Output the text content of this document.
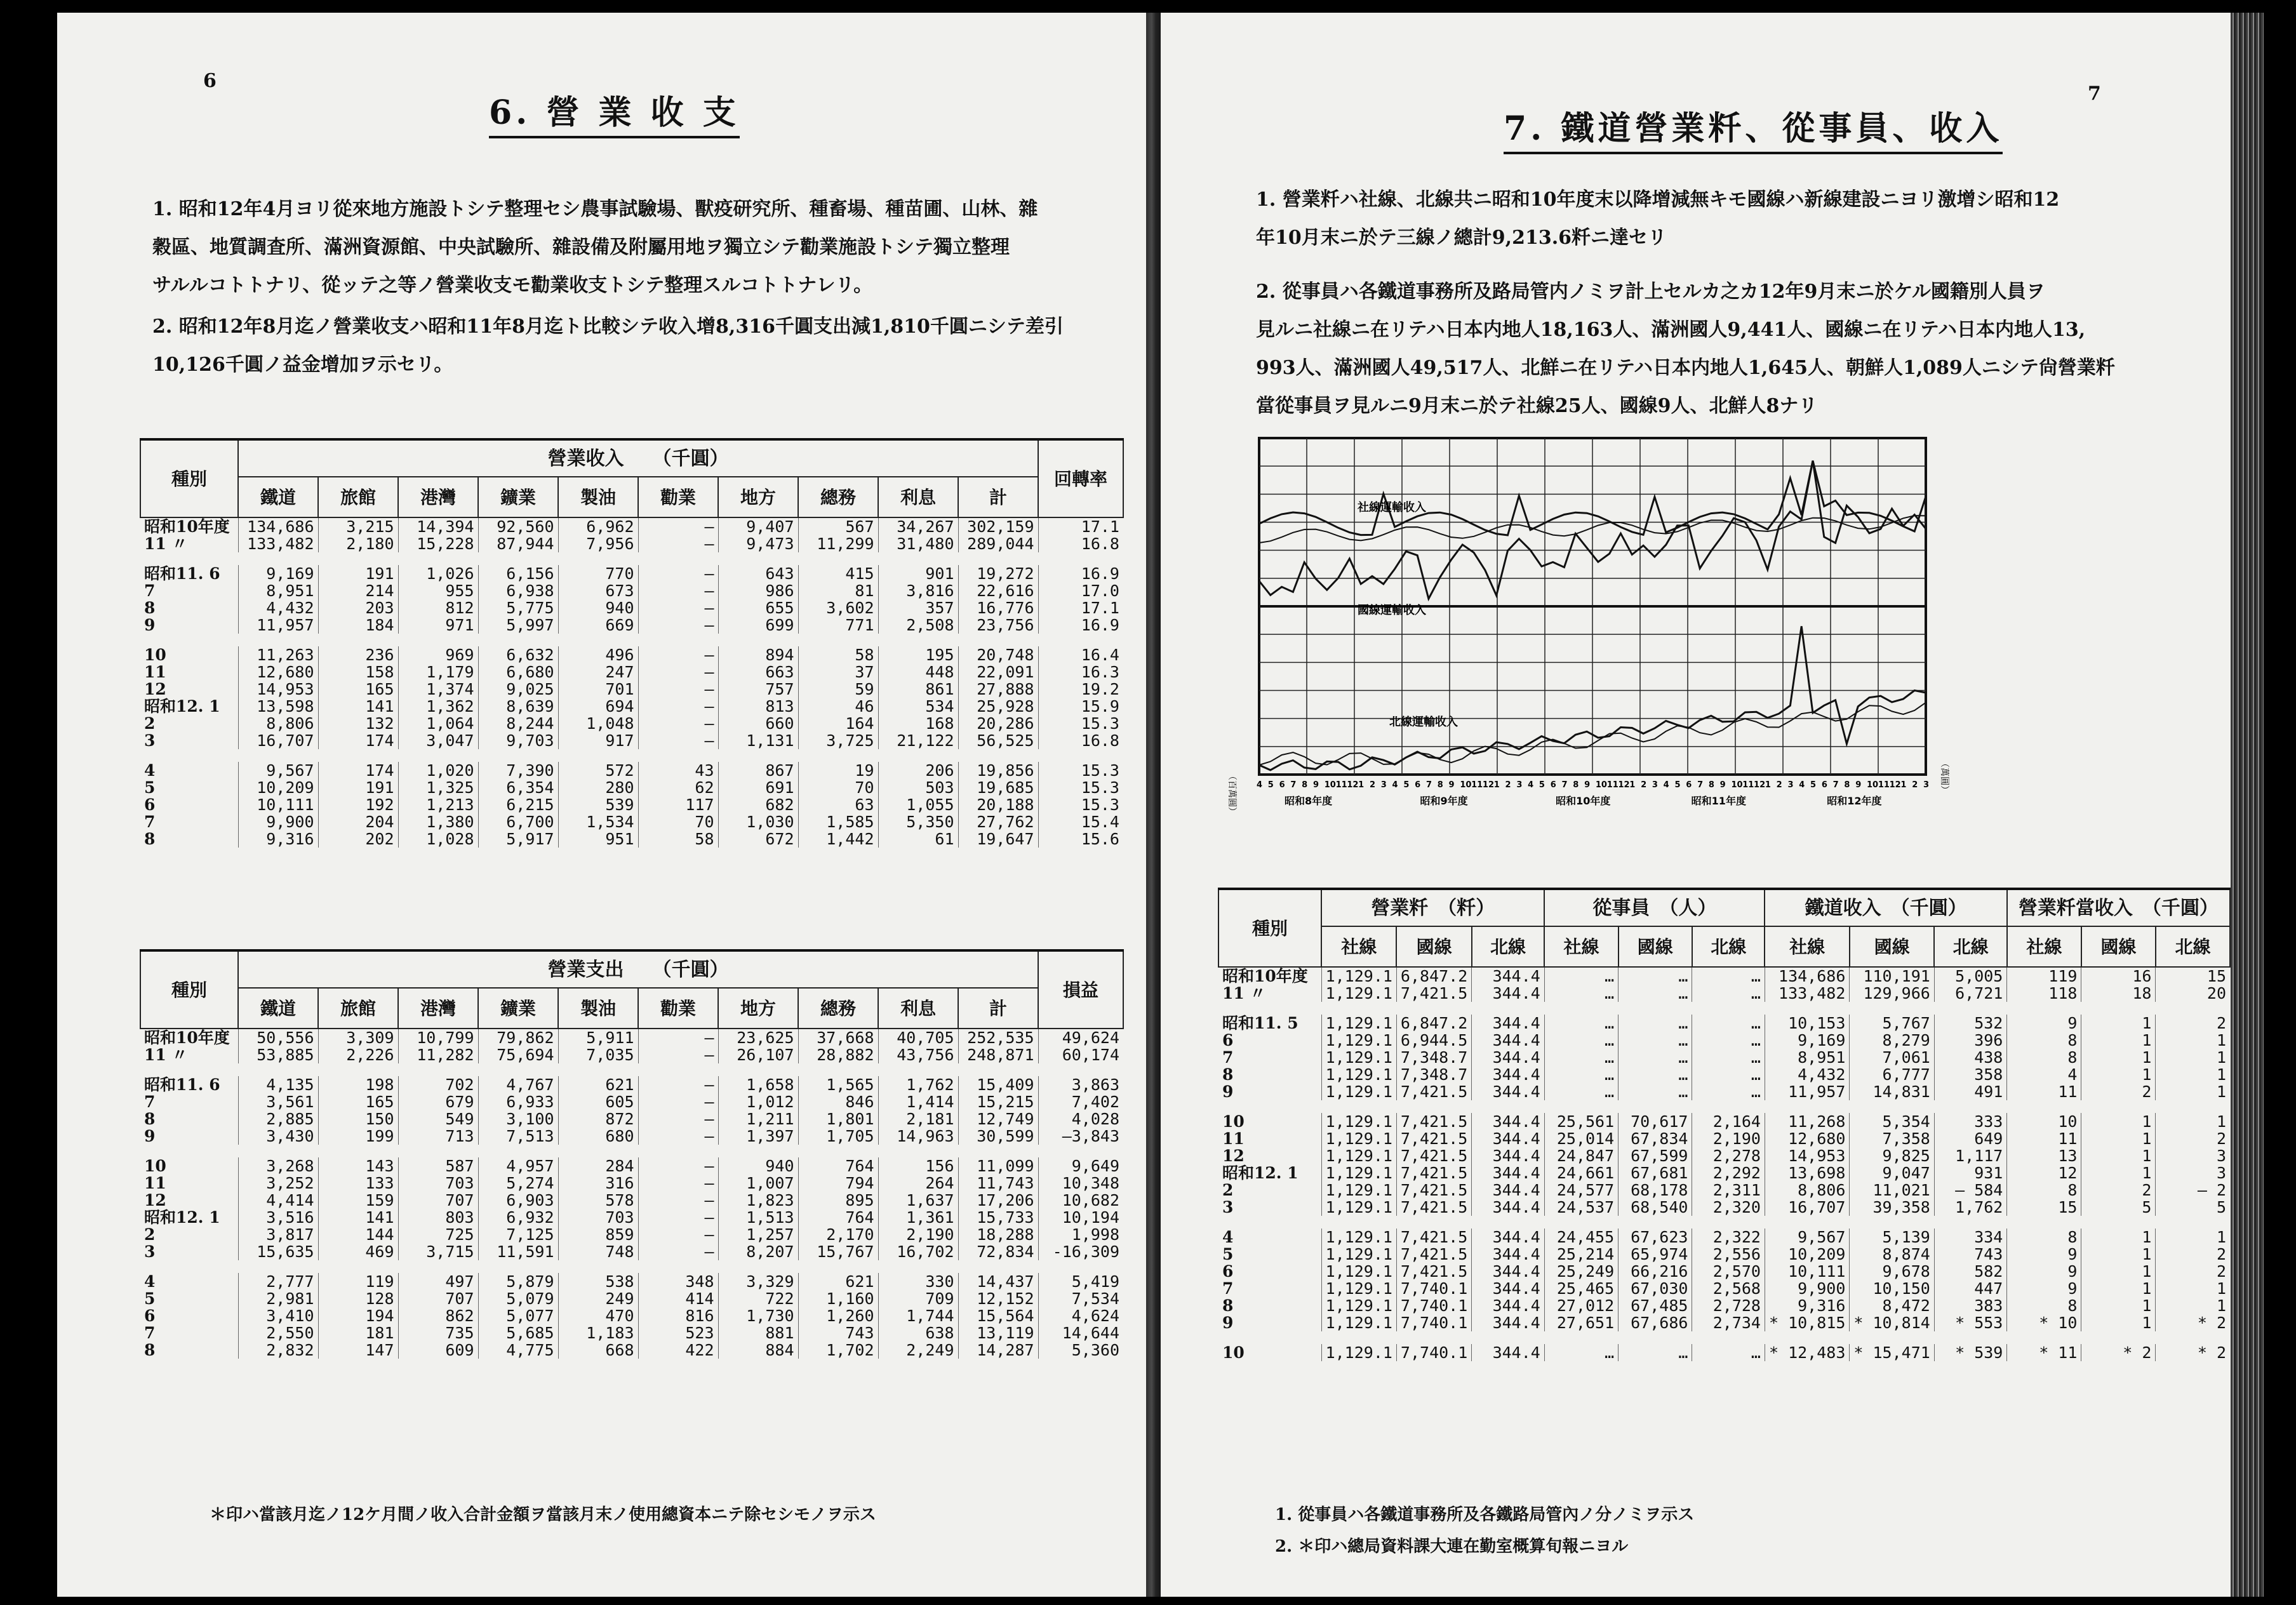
6
6. 營 業 收 支

1. 昭和12年4月ヨリ從來地方施設トシテ整理セシ農事試驗場、獸疫研究所、種畜場、種苗圃、山林、雜

穀區、地質調査所、滿洲資源館、中央試驗所、雜設備及附屬用地ヲ獨立シテ勸業施設トシテ獨立整理

サルルコトトナリ、從ッテ之等ノ營業收支モ勸業收支トシテ整理スルコトトナレリ。

2. 昭和12年8月迄ノ營業收支ハ昭和11年8月迄ト比較シテ收入增8,316千圓支出減1,810千圓ニシテ差引

10,126千圓ノ益金增加ヲ示セリ。

種別	營業收入　　（千圓）										回轉率
	鐵道	旅館	港灣	鑛業	製油	勸業	地方	總務	利息	計	
昭和10年度	134,686	3,215	14,394	92,560	6,962	—	9,407	567	34,267	302,159	17.1
11 〃	133,482	2,180	15,228	87,944	7,956	—	9,473	11,299	31,480	289,044	16.8

昭和11. 6	9,169	191	1,026	6,156	770	—	643	415	901	19,272	16.9
7	8,951	214	955	6,938	673	—	986	81	3,816	22,616	17.0
8	4,432	203	812	5,775	940	—	655	3,602	357	16,776	17.1
9	11,957	184	971	5,997	669	—	699	771	2,508	23,756	16.9

10	11,263	236	969	6,632	496	—	894	58	195	20,748	16.4
11	12,680	158	1,179	6,680	247	—	663	37	448	22,091	16.3
12	14,953	165	1,374	9,025	701	—	757	59	861	27,888	19.2
昭和12. 1	13,598	141	1,362	8,639	694	—	813	46	534	25,928	15.9
2	8,806	132	1,064	8,244	1,048	—	660	164	168	20,286	15.3
3	16,707	174	3,047	9,703	917	—	1,131	3,725	21,122	56,525	16.8

4	9,567	174	1,020	7,390	572	43	867	19	206	19,856	15.3
5	10,209	191	1,325	6,354	280	62	691	70	503	19,685	15.3
6	10,111	192	1,213	6,215	539	117	682	63	1,055	20,188	15.3
7	9,900	204	1,380	6,700	1,534	70	1,030	1,585	5,350	27,762	15.4
8	9,316	202	1,028	5,917	951	58	672	1,442	61	19,647	15.6
種別	營業支出　　（千圓）										損益
	鐵道	旅館	港灣	鑛業	製油	勸業	地方	總務	利息	計	
昭和10年度	50,556	3,309	10,799	79,862	5,911	—	23,625	37,668	40,705	252,535	49,624
11 〃	53,885	2,226	11,282	75,694	7,035	—	26,107	28,882	43,756	248,871	60,174

昭和11. 6	4,135	198	702	4,767	621	—	1,658	1,565	1,762	15,409	3,863
7	3,561	165	679	6,933	605	—	1,012	846	1,414	15,215	7,402
8	2,885	150	549	3,100	872	—	1,211	1,801	2,181	12,749	4,028
9	3,430	199	713	7,513	680	—	1,397	1,705	14,963	30,599	—3,843

10	3,268	143	587	4,957	284	—	940	764	156	11,099	9,649
11	3,252	133	703	5,274	316	—	1,007	794	264	11,743	10,348
12	4,414	159	707	6,903	578	—	1,823	895	1,637	17,206	10,682
昭和12. 1	3,516	141	803	6,932	703	—	1,513	764	1,361	15,733	10,194
2	3,817	144	725	7,125	859	—	1,257	2,170	2,190	18,288	1,998
3	15,635	469	3,715	11,591	748	—	8,207	15,767	16,702	72,834	-16,309

4	2,777	119	497	5,879	538	348	3,329	621	330	14,437	5,419
5	2,981	128	707	5,079	249	414	722	1,160	709	12,152	7,534
6	3,410	194	862	5,077	470	816	1,730	1,260	1,744	15,564	4,624
7	2,550	181	735	5,685	1,183	523	881	743	638	13,119	14,644
8	2,832	147	609	4,775	668	422	884	1,702	2,249	14,287	5,360
＊印ハ當該月迄ノ12ケ月間ノ收入合計金額ヲ當該月末ノ使用總資本ニテ除セシモノヲ示ス
7
7. 鐵道營業粁、從事員、收入

1. 營業粁ハ社線、北線共ニ昭和10年度末以降增減無キモ國線ハ新線建設ニヨリ激增シ昭和12

年10月末ニ於テ三線ノ總計9,213.6粁ニ達セリ

2. 從事員ハ各鐵道事務所及路局管内ノミヲ計上セルカ之カ12年9月末ニ於ケル國籍別人員ヲ

見ルニ社線ニ在リテハ日本内地人18,163人、滿洲國人9,441人、國線ニ在リテハ日本内地人13,

993人、滿洲國人49,517人、北鮮ニ在リテハ日本内地人1,645人、朝鮮人1,089人ニシテ尙營業粁

當從事員ヲ見ルニ9月末ニ於テ社線25人、國線9人、北鮮人8ナリ

社線運輸收入
國線運輸收入
北線運輸收入
（百萬圓）	（萬圓）
4 5 6 7 8 9 10 11 12 1 2 3 4 5 6 7 8 9 10 11 12 1 2 3 4 5 6 7 8 9 10 11 12 1 2 3 4 5 6 7 8 9 10 11 12 1 2 3 4 5 6 7 8 9 10 11 12 1 2 3
昭和8年度	昭和9年度	昭和10年度	昭和11年度	昭和12年度
種別	營業粁　（粁）			從事員　（人）			鐵道收入　（千圓）			營業粁當收入　（千圓）		
	社線	國線	北線	社線	國線	北線	社線	國線	北線	社線	國線	北線
昭和10年度	1,129.1	6,847.2	344.4	…	…	…	134,686	110,191	5,005	119	16	15
11 〃	1,129.1	7,421.5	344.4	…	…	…	133,482	129,966	6,721	118	18	20

昭和11. 5	1,129.1	6,847.2	344.4	…	…	…	10,153	5,767	532	9	1	2
6	1,129.1	6,944.5	344.4	…	…	…	9,169	8,279	396	8	1	1
7	1,129.1	7,348.7	344.4	…	…	…	8,951	7,061	438	8	1	1
8	1,129.1	7,348.7	344.4	…	…	…	4,432	6,777	358	4	1	1
9	1,129.1	7,421.5	344.4	…	…	…	11,957	14,831	491	11	2	1

10	1,129.1	7,421.5	344.4	25,561	70,617	2,164	11,268	5,354	333	10	1	1
11	1,129.1	7,421.5	344.4	25,014	67,834	2,190	12,680	7,358	649	11	1	2
12	1,129.1	7,421.5	344.4	24,847	67,599	2,278	14,953	9,825	1,117	13	1	3
昭和12. 1	1,129.1	7,421.5	344.4	24,661	67,681	2,292	13,698	9,047	931	12	1	3
2	1,129.1	7,421.5	344.4	24,577	68,178	2,311	8,806	11,021	— 584	8	2	— 2
3	1,129.1	7,421.5	344.4	24,537	68,540	2,320	16,707	39,358	1,762	15	5	5

4	1,129.1	7,421.5	344.4	24,455	67,623	2,322	9,567	5,139	334	8	1	1
5	1,129.1	7,421.5	344.4	25,214	65,974	2,556	10,209	8,874	743	9	1	2
6	1,129.1	7,421.5	344.4	25,249	66,216	2,570	10,111	9,678	582	9	1	2
7	1,129.1	7,740.1	344.4	25,465	67,030	2,568	9,900	10,150	447	9	1	1
8	1,129.1	7,740.1	344.4	27,012	67,485	2,728	9,316	8,472	383	8	1	1
9	1,129.1	7,740.1	344.4	27,651	67,686	2,734	* 10,815	* 10,814	* 553	* 10	1	* 2

10	1,129.1	7,740.1	344.4	…	…	…	* 12,483	* 15,471	* 539	* 11	* 2	* 2
1. 從事員ハ各鐵道事務所及各鐵路局管內ノ分ノミヲ示ス
2. ＊印ハ總局資料課大連在勤室概算旬報ニヨル
